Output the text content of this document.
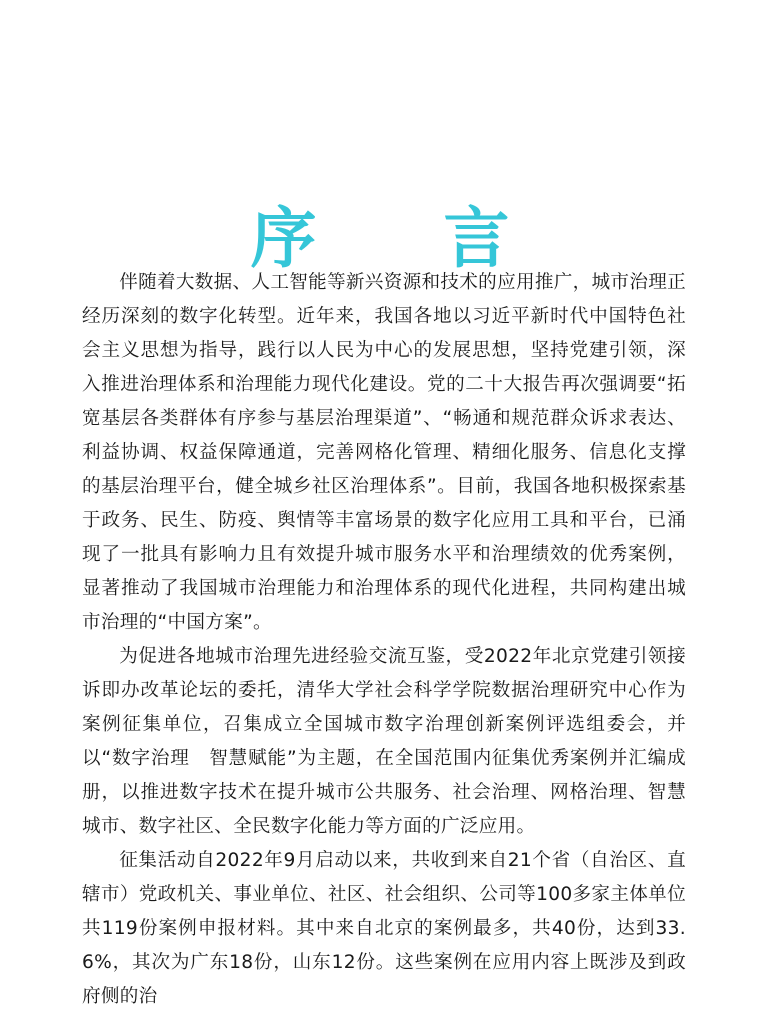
序 言

伴随着大数据、人工智能等新兴资源和技术的应用推广，城市治理正经历深刻的数字化转型。近年来，我国各地以习近平新时代中国特色社会主义思想为指导，践行以人民为中心的发展思想，坚持党建引领，深入推进治理体系和治理能力现代化建设。党的二十大报告再次强调要“拓宽基层各类群体有序参与基层治理渠道”、“畅通和规范群众诉求表达、利益协调、权益保障通道，完善网格化管理、精细化服务、信息化支撑的基层治理平台，健全城乡社区治理体系”。目前，我国各地积极探索基于政务、民生、防疫、舆情等丰富场景的数字化应用工具和平台，已涌现了一批具有影响力且有效提升城市服务水平和治理绩效的优秀案例，显著推动了我国城市治理能力和治理体系的现代化进程，共同构建出城市治理的“中国方案”。

为促进各地城市治理先进经验交流互鉴，受2022年北京党建引领接诉即办改革论坛的委托，清华大学社会科学学院数据治理研究中心作为案例征集单位，召集成立全国城市数字治理创新案例评选组委会，并以“数字治理　智慧赋能”为主题，在全国范围内征集优秀案例并汇编成册，以推进数字技术在提升城市公共服务、社会治理、网格治理、智慧城市、数字社区、全民数字化能力等方面的广泛应用。

征集活动自2022年9月启动以来，共收到来自21个省（自治区、直辖市）党政机关、事业单位、社区、社会组织、公司等100多家主体单位共119份案例申报材料。其中来自北京的案例最多，共40份，达到33.6%，其次为广东18份，山东12份。这些案例在应用内容上既涉及到政府侧的治
